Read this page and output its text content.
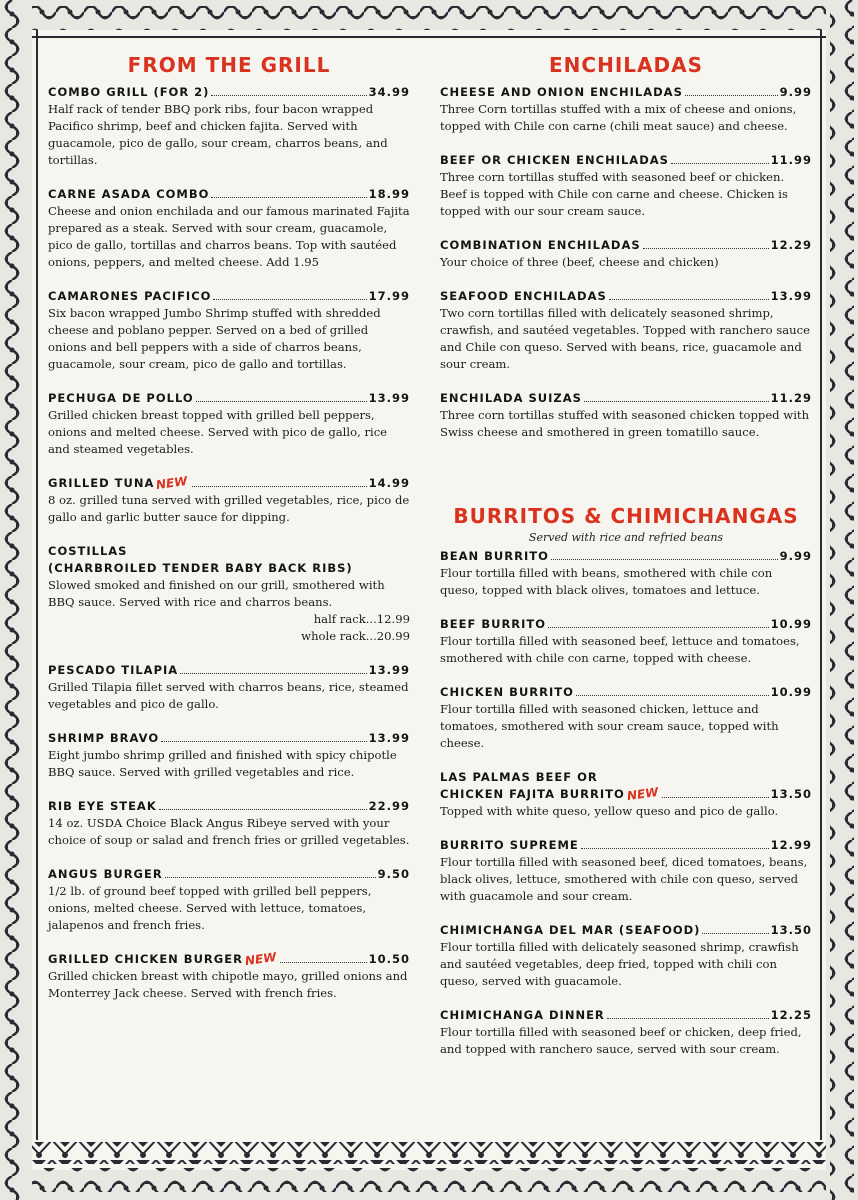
FROM THE GRILL
COMBO GRILL (FOR 2)	34.99
Half rack of tender BBQ pork ribs, four bacon wrapped Pacifico shrimp, beef and chicken fajita. Served with guacamole, pico de gallo, sour cream, charros beans, and tortillas.
CARNE ASADA COMBO	18.99
Cheese and onion enchilada and our famous marinated Fajita prepared as a steak. Served with sour cream, guacamole, pico de gallo, tortillas and charros beans. Top with sautéed onions, peppers, and melted cheese. Add 1.95
CAMARONES PACIFICO	17.99
Six bacon wrapped Jumbo Shrimp stuffed with shredded cheese and poblano pepper. Served on a bed of grilled onions and bell peppers with a side of charros beans, guacamole, sour cream, pico de gallo and tortillas.
PECHUGA DE POLLO	13.99
Grilled chicken breast topped with grilled bell peppers, onions and melted cheese. Served with pico de gallo, rice and steamed vegetables.
GRILLED TUNA NEW	14.99
8 oz. grilled tuna served with grilled vegetables, rice, pico de gallo and garlic butter sauce for dipping.
COSTILLAS
(CHARBROILED TENDER BABY BACK RIBS)
Slowed smoked and finished on our grill, smothered with BBQ sauce. Served with rice and charros beans.
half rack...12.99
whole rack...20.99
PESCADO TILAPIA	13.99
Grilled Tilapia fillet served with charros beans, rice, steamed vegetables and pico de gallo.
SHRIMP BRAVO	13.99
Eight jumbo shrimp grilled and finished with spicy chipotle BBQ sauce. Served with grilled vegetables and rice.
RIB EYE STEAK	22.99
14 oz. USDA Choice Black Angus Ribeye served with your choice of soup or salad and french fries or grilled vegetables.
ANGUS BURGER	9.50
1/2 lb. of ground beef topped with grilled bell peppers, onions, melted cheese. Served with lettuce, tomatoes, jalapenos and french fries.
GRILLED CHICKEN BURGER NEW	10.50
Grilled chicken breast with chipotle mayo, grilled onions and Monterrey Jack cheese. Served with french fries.
ENCHILADAS
CHEESE AND ONION ENCHILADAS	9.99
Three Corn tortillas stuffed with a mix of cheese and onions, topped with Chile con carne (chili meat sauce) and cheese.
BEEF OR CHICKEN ENCHILADAS	11.99
Three corn tortillas stuffed with seasoned beef or chicken. Beef is topped with Chile con carne and cheese. Chicken is topped with our sour cream sauce.
COMBINATION ENCHILADAS	12.29
Your choice of three (beef, cheese and chicken)
SEAFOOD ENCHILADAS	13.99
Two corn tortillas filled with delicately seasoned shrimp, crawfish, and sautéed vegetables. Topped with ranchero sauce and Chile con queso. Served with beans, rice, guacamole and sour cream.
ENCHILADA SUIZAS	11.29
Three corn tortillas stuffed with seasoned chicken topped with Swiss cheese and smothered in green tomatillo sauce.
BURRITOS & CHIMICHANGAS
Served with rice and refried beans
BEAN BURRITO	9.99
Flour tortilla filled with beans, smothered with chile con queso, topped with black olives, tomatoes and lettuce.
BEEF BURRITO	10.99
Flour tortilla filled with seasoned beef, lettuce and tomatoes, smothered with chile con carne, topped with cheese.
CHICKEN BURRITO	10.99
Flour tortilla filled with seasoned chicken, lettuce and tomatoes, smothered with sour cream sauce, topped with cheese.
LAS PALMAS BEEF OR
CHICKEN FAJITA BURRITO NEW	13.50
Topped with white queso, yellow queso and pico de gallo.
BURRITO SUPREME	12.99
Flour tortilla filled with seasoned beef, diced tomatoes, beans, black olives, lettuce, smothered with chile con queso, served with guacamole and sour cream.
CHIMICHANGA DEL MAR (SEAFOOD)	13.50
Flour tortilla filled with delicately seasoned shrimp, crawfish and sautéed vegetables, deep fried, topped with chili con queso, served with guacamole.
CHIMICHANGA DINNER	12.25
Flour tortilla filled with seasoned beef or chicken, deep fried, and topped with ranchero sauce, served with sour cream.
